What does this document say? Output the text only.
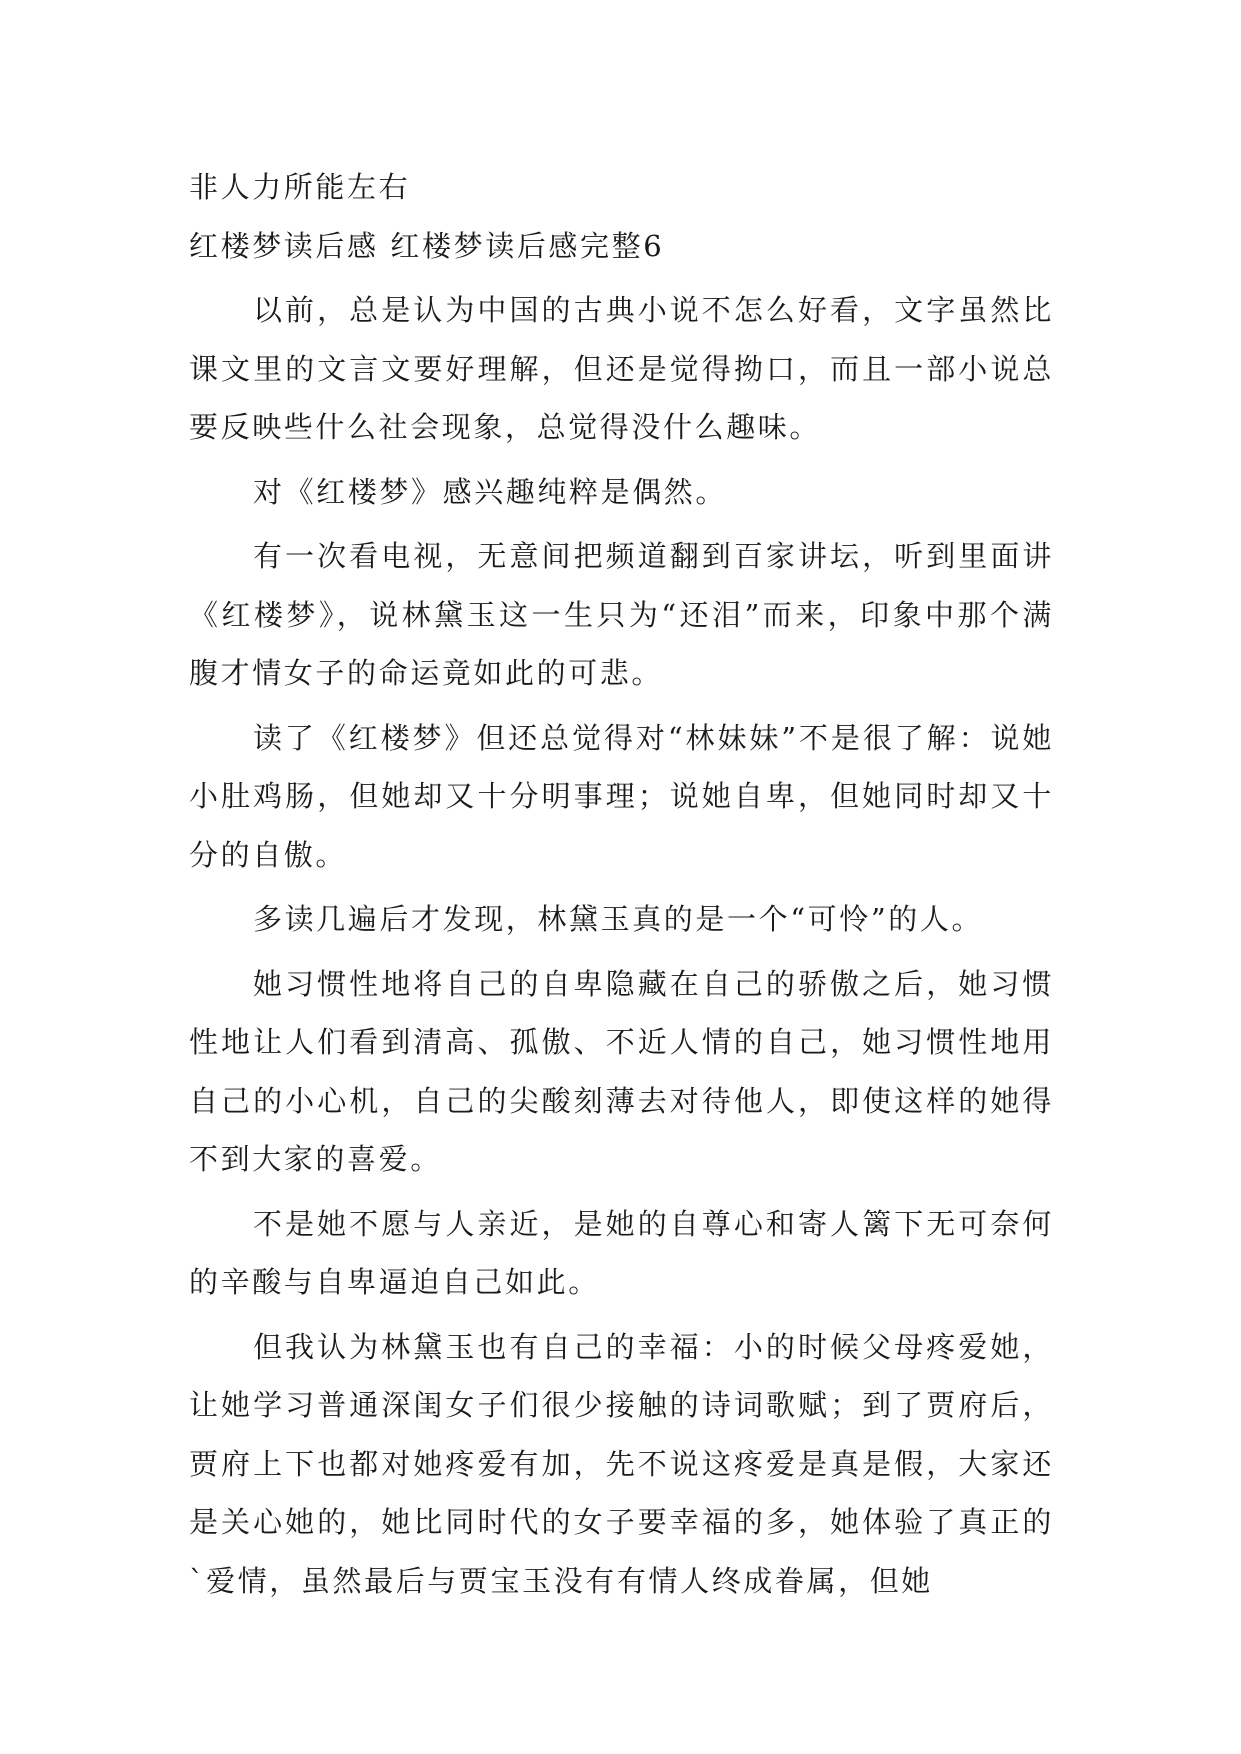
非人力所能左右

红楼梦读后感 红楼梦读后感完整6

以前，总是认为中国的古典小说不怎么好看，文字虽然比课文里的文言文要好理解，但还是觉得拗口，而且一部小说总要反映些什么社会现象，总觉得没什么趣味。

对《红楼梦》感兴趣纯粹是偶然。

有一次看电视，无意间把频道翻到百家讲坛，听到里面讲《红楼梦》，说林黛玉这一生只为“还泪”而来，印象中那个满腹才情女子的命运竟如此的可悲。

读了《红楼梦》但还总觉得对“林妹妹”不是很了解：说她小肚鸡肠，但她却又十分明事理；说她自卑，但她同时却又十分的自傲。

多读几遍后才发现，林黛玉真的是一个“可怜”的人。

她习惯性地将自己的自卑隐藏在自己的骄傲之后，她习惯性地让人们看到清高、孤傲、不近人情的自己，她习惯性地用自己的小心机，自己的尖酸刻薄去对待他人，即使这样的她得不到大家的喜爱。

不是她不愿与人亲近，是她的自尊心和寄人篱下无可奈何的辛酸与自卑逼迫自己如此。

但我认为林黛玉也有自己的幸福：小的时候父母疼爱她，让她学习普通深闺女子们很少接触的诗词歌赋；到了贾府后，贾府上下也都对她疼爱有加，先不说这疼爱是真是假，大家还是关心她的，她比同时代的女子要幸福的多，她体验了真正的`爱情，虽然最后与贾宝玉没有有情人终成眷属，但她
